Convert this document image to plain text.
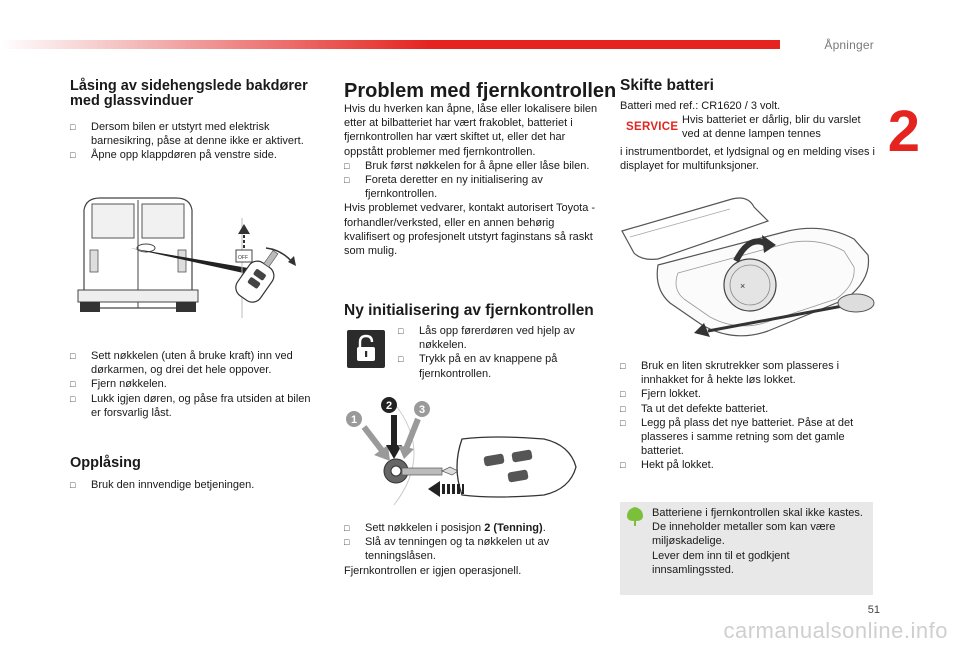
Åpninger
2
51
carmanualsonline.info
Låsing av sidehengslede bakdører med glassvinduer

□ Dersom bilen er utstyrt med elektrisk barnesikring, påse at denne ikke er aktivert.

□ Åpne opp klappdøren på venstre side.

OFF

□ Sett nøkkelen (uten å bruke kraft) inn ved dørkarmen, og drei det hele oppover.

□ Fjern nøkkelen.

□ Lukk igjen døren, og påse fra utsiden at bilen er forsvarlig låst.

Opplåsing

□ Bruk den innvendige betjeningen.

Problem med fjernkontrollen

Hvis du hverken kan åpne, låse eller lokalisere bilen etter at bilbatteriet har vært frakoblet, batteriet i fjernkontrollen har vært skiftet ut, eller det har oppstått problemer med fjernkontrollen.

□ Bruk først nøkkelen for å åpne eller låse bilen.

□ Foreta deretter en ny initialisering av fjernkontrollen.

Hvis problemet vedvarer, kontakt autorisert Toyota -forhandler/verksted, eller en annen behørig kvalifisert og profesjonelt utstyrt faginstans så raskt som mulig.

Ny initialisering av fjernkontrollen

□ Lås opp førerdøren ved hjelp av nøkkelen.

□ Trykk på en av knappene på fjernkontrollen.

1
2 3

□ Sett nøkkelen i posisjon 2 (Tenning).

□ Slå av tenningen og ta nøkkelen ut av tenningslåsen.

Fjernkontrollen er igjen operasjonell.

Skifte batteri
Batteri med ref.: CR1620 / 3 volt.
SERVICE
Hvis batteriet er dårlig, blir du varslet ved at denne lampen tennes
i instrumentbordet, et lydsignal og en melding vises i displayet for multifunksjoner.
×

□ Bruk en liten skrutrekker som plasseres i innhakket for å hekte løs lokket.

□ Fjern lokket.

□ Ta ut det defekte batteriet.

□ Legg på plass det nye batteriet. Påse at det plasseres i samme retning som det gamle batteriet.

□ Hekt på lokket.

Batteriene i fjernkontrollen skal ikke kastes. De inneholder metaller som kan være miljøskadelige.
Lever dem inn til et godkjent innsamlingssted.
